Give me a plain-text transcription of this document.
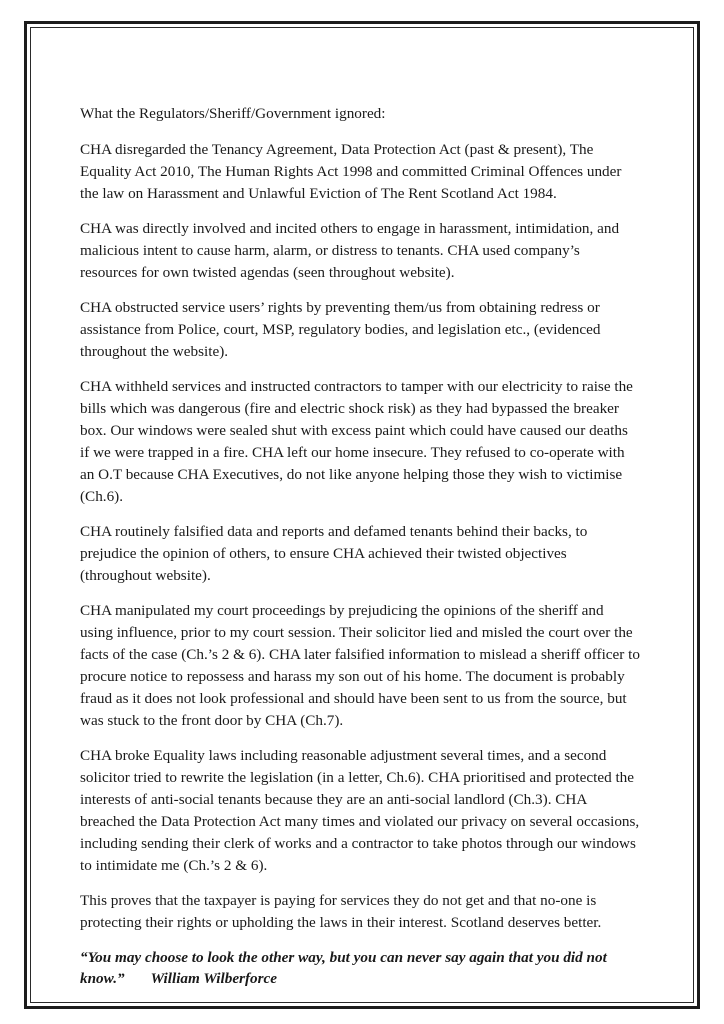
What the Regulators/Sheriff/Government ignored:

CHA disregarded the Tenancy Agreement, Data Protection Act (past & present), The Equality Act 2010, The Human Rights Act 1998 and committed Criminal Offences under the law on Harassment and Unlawful Eviction of The Rent Scotland Act 1984.

CHA was directly involved and incited others to engage in harassment, intimidation, and malicious intent to cause harm, alarm, or distress to tenants. CHA used company’s resources for own twisted agendas (seen throughout website).

CHA obstructed service users’ rights by preventing them/us from obtaining redress or assistance from Police, court, MSP, regulatory bodies, and legislation etc., (evidenced throughout the website).

CHA withheld services and instructed contractors to tamper with our electricity to raise the bills which was dangerous (fire and electric shock risk) as they had bypassed the breaker box. Our windows were sealed shut with excess paint which could have caused our deaths if we were trapped in a fire. CHA left our home insecure. They refused to co-operate with an O.T because CHA Executives, do not like anyone helping those they wish to victimise (Ch.6).

CHA routinely falsified data and reports and defamed tenants behind their backs, to prejudice the opinion of others, to ensure CHA achieved their twisted objectives (throughout website).

CHA manipulated my court proceedings by prejudicing the opinions of the sheriff and using influence, prior to my court session. Their solicitor lied and misled the court over the facts of the case (Ch.’s 2 & 6). CHA later falsified information to mislead a sheriff officer to procure notice to repossess and harass my son out of his home. The document is probably fraud as it does not look professional and should have been sent to us from the source, but was stuck to the front door by CHA (Ch.7).

CHA broke Equality laws including reasonable adjustment several times, and a second solicitor tried to rewrite the legislation (in a letter, Ch.6). CHA prioritised and protected the interests of anti-social tenants because they are an anti-social landlord (Ch.3). CHA breached the Data Protection Act many times and violated our privacy on several occasions, including sending their clerk of works and a contractor to take photos through our windows to intimidate me (Ch.’s 2 & 6).

This proves that the taxpayer is paying for services they do not get and that no-one is protecting their rights or upholding the laws in their interest. Scotland deserves better.

“You may choose to look the other way, but you can never say again that you did not know.” William Wilberforce
